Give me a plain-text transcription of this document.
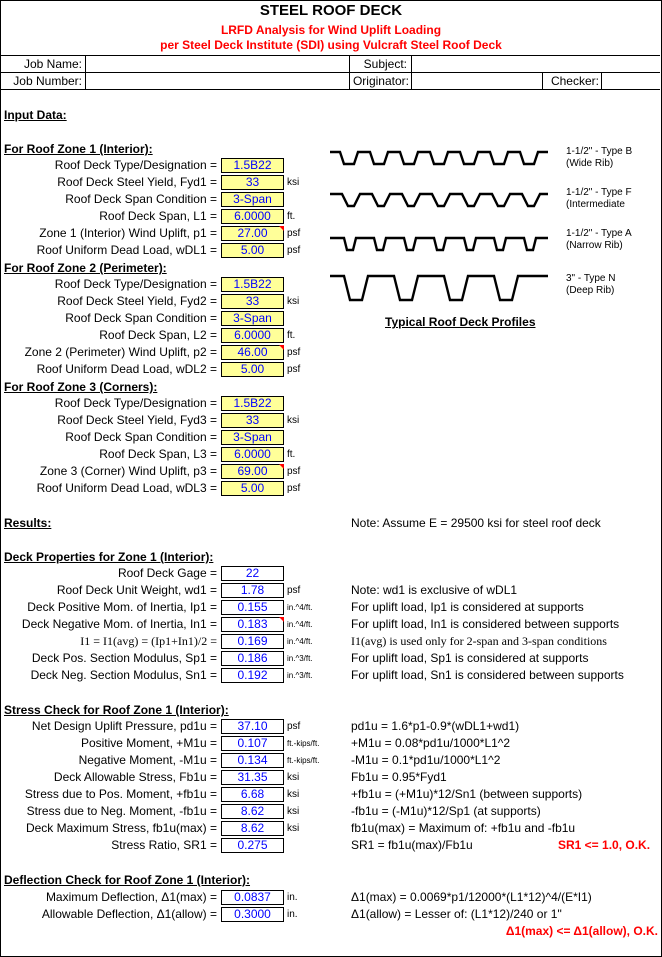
STEEL ROOF DECK
LRFD Analysis for Wind Uplift Loading
per Steel Deck Institute (SDI) using Vulcraft Steel Roof Deck
Job Name:	Subject:
Job Number:	Originator:	Checker:
Input Data:
For Roof Zone 1 (Interior):
Roof Deck Type/Designation =	1.5B22
Roof Deck Steel Yield, Fyd1 =	33	ksi
Roof Deck Span Condition =	3-Span
Roof Deck Span, L1 =	6.0000	ft.
Zone 1 (Interior) Wind Uplift, p1 =	27.00	psf
Roof Uniform Dead Load, wDL1 =	5.00	psf
For Roof Zone 2 (Perimeter):
Roof Deck Type/Designation =	1.5B22
Roof Deck Steel Yield, Fyd2 =	33	ksi
Roof Deck Span Condition =	3-Span
Roof Deck Span, L2 =	6.0000	ft.
Zone 2 (Perimeter) Wind Uplift, p2 =	46.00	psf
Roof Uniform Dead Load, wDL2 =	5.00	psf
For Roof Zone 3 (Corners):
Roof Deck Type/Designation =	1.5B22
Roof Deck Steel Yield, Fyd3 =	33	ksi
Roof Deck Span Condition =	3-Span
Roof Deck Span, L3 =	6.0000	ft.
Zone 3 (Corner) Wind Uplift, p3 =	69.00	psf
Roof Uniform Dead Load, wDL3 =	5.00	psf
1-1/2" - Type B
(Wide Rib)
1-1/2" - Type F
(Intermediate
1-1/2" - Type A
(Narrow Rib)
3" - Type N
(Deep Rib)
Typical Roof Deck Profiles
Results:	Note: Assume E = 29500 ksi for steel roof deck
Deck Properties for Zone 1 (Interior):
Roof Deck Gage =	22
Roof Deck Unit Weight, wd1 =	1.78	psf	Note: wd1 is exclusive of wDL1
Deck Positive Mom. of Inertia, Ip1 =	0.155	in.^4/ft.	For uplift load, Ip1 is considered at supports
Deck Negative Mom. of Inertia, In1 =	0.183	in.^4/ft.	For uplift load, In1 is considered between supports
I1 = I1(avg) = (Ip1+In1)/2 =	0.169	in.^4/ft.	I1(avg) is used only for 2-span and 3-span conditions
Deck Pos. Section Modulus, Sp1 =	0.186	in.^3/ft.	For uplift load, Sp1 is considered at supports
Deck Neg. Section Modulus, Sn1 =	0.192	in.^3/ft.	For uplift load, Sn1 is considered between supports
Stress Check for Roof Zone 1 (Interior):
Net Design Uplift Pressure, pd1u =	37.10	psf	pd1u = 1.6*p1-0.9*(wDL1+wd1)
Positive Moment, +M1u =	0.107	ft.-kips/ft.	+M1u = 0.08*pd1u/1000*L1^2
Negative Moment, -M1u =	0.134	ft.-kips/ft.	-M1u = 0.1*pd1u/1000*L1^2
Deck Allowable Stress, Fb1u =	31.35	ksi	Fb1u = 0.95*Fyd1
Stress due to Pos. Moment, +fb1u =	6.68	ksi	+fb1u = (+M1u)*12/Sn1 (between supports)
Stress due to Neg. Moment, -fb1u =	8.62	ksi	-fb1u = (-M1u)*12/Sp1 (at supports)
Deck Maximum Stress, fb1u(max) =	8.62	ksi	fb1u(max) = Maximum of: +fb1u and -fb1u
Stress Ratio, SR1 =	0.275	SR1 = fb1u(max)/Fb1u	SR1 <= 1.0, O.K.
Deflection Check for Roof Zone 1 (Interior):
Maximum Deflection, Δ1(max) =	0.0837	in.	Δ1(max) = 0.0069*p1/12000*(L1*12)^4/(E*I1)
Allowable Deflection, Δ1(allow) =	0.3000	in.	Δ1(allow) = Lesser of: (L1*12)/240 or 1"
Δ1(max) <= Δ1(allow), O.K.
